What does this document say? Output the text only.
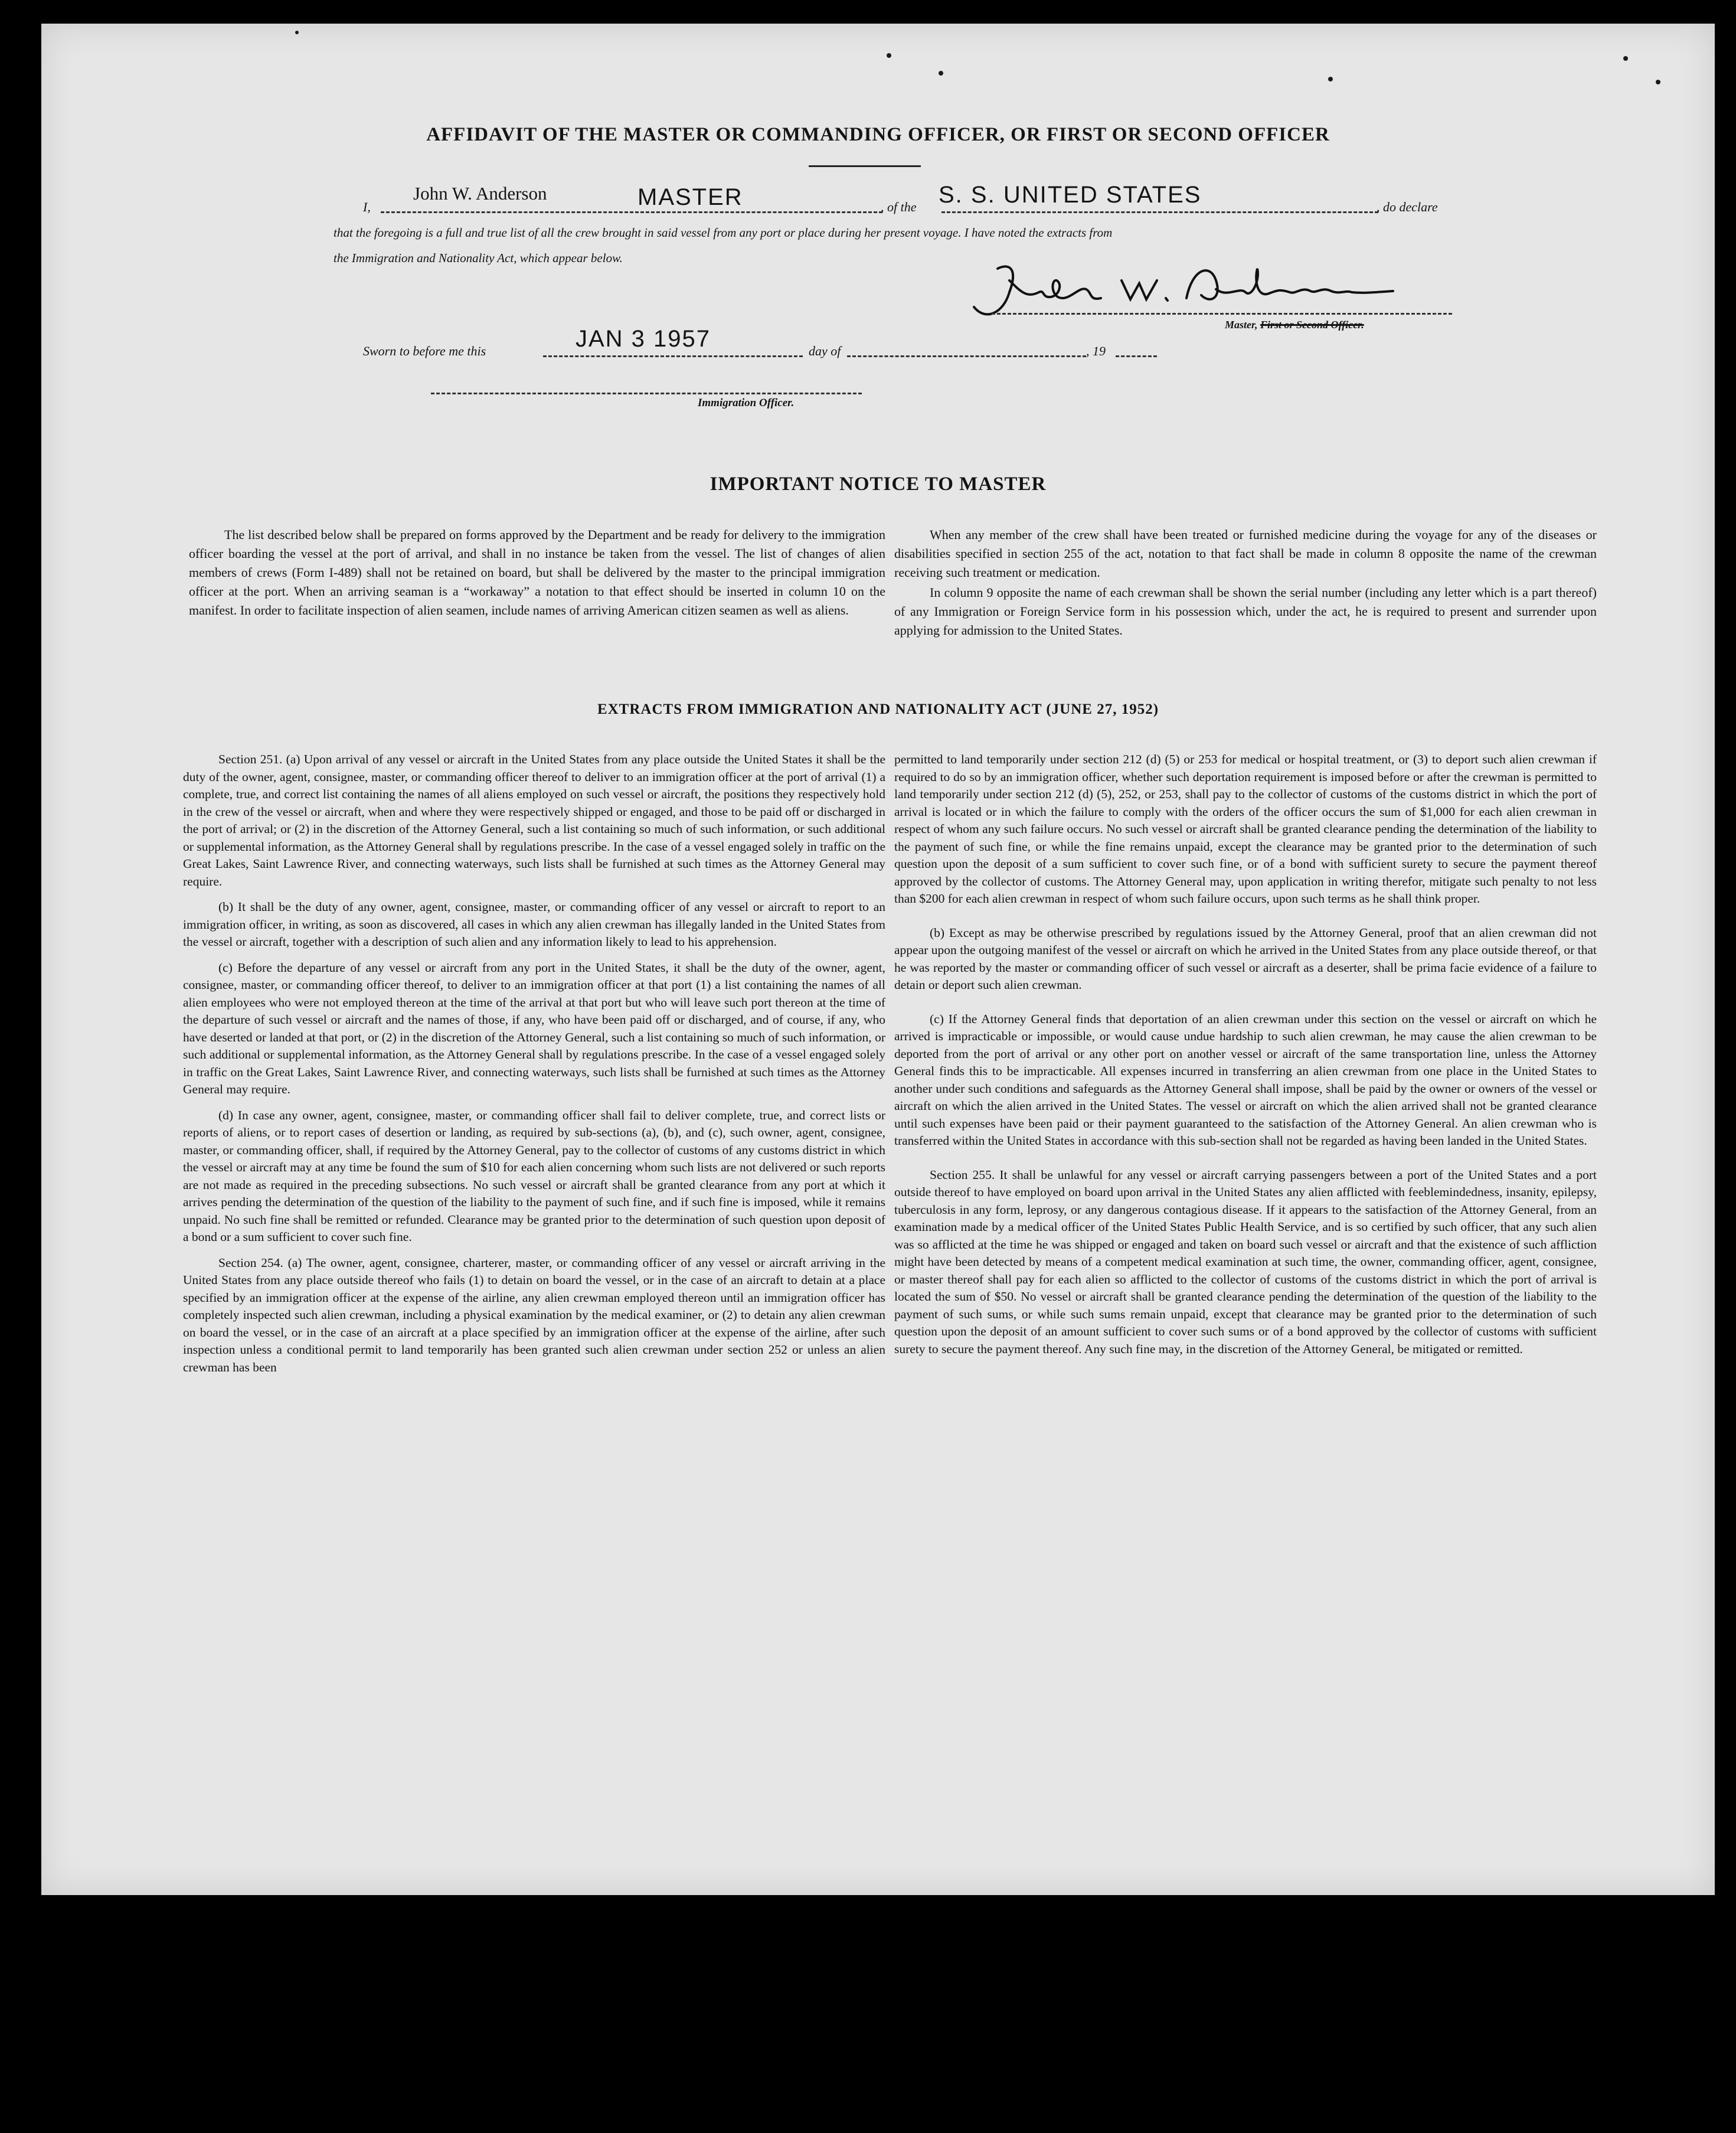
AFFIDAVIT OF THE MASTER OR COMMANDING OFFICER, OR FIRST OR SECOND OFFICER
I,
John W. Anderson	MASTER	, of the S. S. UNITED STATES	, do declare
that the foregoing is a full and true list of all the crew brought in said vessel from any port or place during her present voyage. I have noted the extracts from
the Immigration and Nationality Act, which appear below.
Master, First or Second Officer.
Sworn to before me this	JAN 3 1957	day of	, 19
Immigration Officer.
IMPORTANT NOTICE TO MASTER

The list described below shall be prepared on forms approved by the Department and be ready for delivery to the immigration officer boarding the vessel at the port of arrival, and shall in no instance be taken from the vessel. The list of changes of alien members of crews (Form I-489) shall not be retained on board, but shall be delivered by the master to the principal immigration officer at the port. When an arriving seaman is a “workaway” a notation to that effect should be inserted in column 10 on the manifest. In order to facilitate inspection of alien seamen, include names of arriving American citizen seamen as well as aliens.

When any member of the crew shall have been treated or furnished medicine during the voyage for any of the diseases or disabilities specified in section 255 of the act, notation to that fact shall be made in column 8 opposite the name of the crewman receiving such treatment or medication.

In column 9 opposite the name of each crewman shall be shown the serial number (including any letter which is a part thereof) of any Immigration or Foreign Service form in his possession which, under the act, he is required to present and surrender upon applying for admission to the United States.

EXTRACTS FROM IMMIGRATION AND NATIONALITY ACT (JUNE 27, 1952)

Section 251. (a) Upon arrival of any vessel or aircraft in the United States from any place outside the United States it shall be the duty of the owner, agent, consignee, master, or commanding officer thereof to deliver to an immigration officer at the port of arrival (1) a complete, true, and correct list containing the names of all aliens employed on such vessel or aircraft, the positions they respectively hold in the crew of the vessel or aircraft, when and where they were respectively shipped or engaged, and those to be paid off or discharged in the port of arrival; or (2) in the discretion of the Attorney General, such a list containing so much of such information, or such additional or supplemental information, as the Attorney General shall by regulations prescribe. In the case of a vessel engaged solely in traffic on the Great Lakes, Saint Lawrence River, and connecting waterways, such lists shall be furnished at such times as the Attorney General may require.

(b) It shall be the duty of any owner, agent, consignee, master, or commanding officer of any vessel or aircraft to report to an immigration officer, in writing, as soon as discovered, all cases in which any alien crewman has illegally landed in the United States from the vessel or aircraft, together with a description of such alien and any information likely to lead to his apprehension.

(c) Before the departure of any vessel or aircraft from any port in the United States, it shall be the duty of the owner, agent, consignee, master, or commanding officer thereof, to deliver to an immigration officer at that port (1) a list containing the names of all alien employees who were not employed thereon at the time of the arrival at that port but who will leave such port thereon at the time of the departure of such vessel or aircraft and the names of those, if any, who have been paid off or discharged, and of course, if any, who have deserted or landed at that port, or (2) in the discretion of the Attorney General, such a list containing so much of such information, or such additional or supplemental information, as the Attorney General shall by regulations prescribe. In the case of a vessel engaged solely in traffic on the Great Lakes, Saint Lawrence River, and connecting waterways, such lists shall be furnished at such times as the Attorney General may require.

(d) In case any owner, agent, consignee, master, or commanding officer shall fail to deliver complete, true, and correct lists or reports of aliens, or to report cases of desertion or landing, as required by sub-sections (a), (b), and (c), such owner, agent, consignee, master, or commanding officer, shall, if required by the Attorney General, pay to the collector of customs of any customs district in which the vessel or aircraft may at any time be found the sum of $10 for each alien concerning whom such lists are not delivered or such reports are not made as required in the preceding subsections. No such vessel or aircraft shall be granted clearance from any port at which it arrives pending the determination of the question of the liability to the payment of such fine, and if such fine is imposed, while it remains unpaid. No such fine shall be remitted or refunded. Clearance may be granted prior to the determination of such question upon deposit of a bond or a sum sufficient to cover such fine.

Section 254. (a) The owner, agent, consignee, charterer, master, or commanding officer of any vessel or aircraft arriving in the United States from any place outside thereof who fails (1) to detain on board the vessel, or in the case of an aircraft to detain at a place specified by an immigration officer at the expense of the airline, any alien crewman employed thereon until an immigration officer has completely inspected such alien crewman, including a physical examination by the medical examiner, or (2) to detain any alien crewman on board the vessel, or in the case of an aircraft at a place specified by an immigration officer at the expense of the airline, after such inspection unless a conditional permit to land temporarily has been granted such alien crewman under section 252 or unless an alien crewman has been

permitted to land temporarily under section 212 (d) (5) or 253 for medical or hospital treatment, or (3) to deport such alien crewman if required to do so by an immigration officer, whether such deportation requirement is imposed before or after the crewman is permitted to land temporarily under section 212 (d) (5), 252, or 253, shall pay to the collector of customs of the customs district in which the port of arrival is located or in which the failure to comply with the orders of the officer occurs the sum of $1,000 for each alien crewman in respect of whom any such failure occurs. No such vessel or aircraft shall be granted clearance pending the determination of the liability to the payment of such fine, or while the fine remains unpaid, except the clearance may be granted prior to the determination of such question upon the deposit of a sum sufficient to cover such fine, or of a bond with sufficient surety to secure the payment thereof approved by the collector of customs. The Attorney General may, upon application in writing therefor, mitigate such penalty to not less than $200 for each alien crewman in respect of whom such failure occurs, upon such terms as he shall think proper.

(b) Except as may be otherwise prescribed by regulations issued by the Attorney General, proof that an alien crewman did not appear upon the outgoing manifest of the vessel or aircraft on which he arrived in the United States from any place outside thereof, or that he was reported by the master or commanding officer of such vessel or aircraft as a deserter, shall be prima facie evidence of a failure to detain or deport such alien crewman.

(c) If the Attorney General finds that deportation of an alien crewman under this section on the vessel or aircraft on which he arrived is impracticable or impossible, or would cause undue hardship to such alien crewman, he may cause the alien crewman to be deported from the port of arrival or any other port on another vessel or aircraft of the same transportation line, unless the Attorney General finds this to be impracticable. All expenses incurred in transferring an alien crewman from one place in the United States to another under such conditions and safeguards as the Attorney General shall impose, shall be paid by the owner or owners of the vessel or aircraft on which the alien arrived in the United States. The vessel or aircraft on which the alien arrived shall not be granted clearance until such expenses have been paid or their payment guaranteed to the satisfaction of the Attorney General. An alien crewman who is transferred within the United States in accordance with this sub-section shall not be regarded as having been landed in the United States.

Section 255. It shall be unlawful for any vessel or aircraft carrying passengers between a port of the United States and a port outside thereof to have employed on board upon arrival in the United States any alien afflicted with feeblemindedness, insanity, epilepsy, tuberculosis in any form, leprosy, or any dangerous contagious disease. If it appears to the satisfaction of the Attorney General, from an examination made by a medical officer of the United States Public Health Service, and is so certified by such officer, that any such alien was so afflicted at the time he was shipped or engaged and taken on board such vessel or aircraft and that the existence of such affliction might have been detected by means of a competent medical examination at such time, the owner, commanding officer, agent, consignee, or master thereof shall pay for each alien so afflicted to the collector of customs of the customs district in which the port of arrival is located the sum of $50. No vessel or aircraft shall be granted clearance pending the determination of the question of the liability to the payment of such sums, or while such sums remain unpaid, except that clearance may be granted prior to the determination of such question upon the deposit of an amount sufficient to cover such sums or of a bond approved by the collector of customs with sufficient surety to secure the payment thereof. Any such fine may, in the discretion of the Attorney General, be mitigated or remitted.
